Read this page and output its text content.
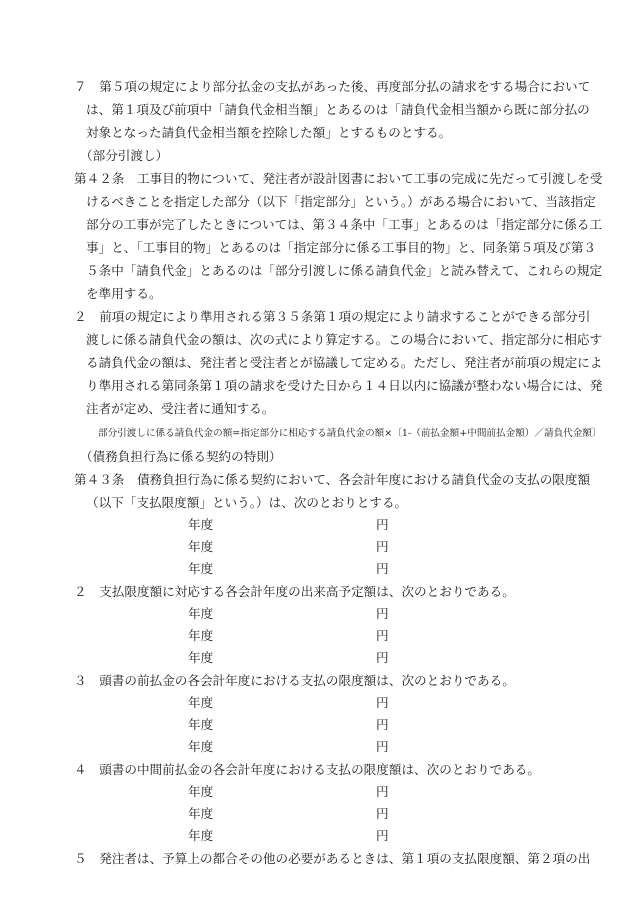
７　第５項の規定により部分払金の支払があった後、再度部分払の請求をする場合において
は、第１項及び前項中「請負代金相当額」とあるのは「請負代金相当額から既に部分払の
対象となった請負代金相当額を控除した額」とするものとする。
（部分引渡し）
第４２条　工事目的物について、発注者が設計図書において工事の完成に先だって引渡しを受
けるべきことを指定した部分（以下「指定部分」という。）がある場合において、当該指定
部分の工事が完了したときについては、第３４条中「工事」とあるのは「指定部分に係る工
事」と、「工事目的物」とあるのは「指定部分に係る工事目的物」と、同条第５項及び第３
５条中「請負代金」とあるのは「部分引渡しに係る請負代金」と読み替えて、これらの規定
を準用する。
２　前項の規定により準用される第３５条第１項の規定により請求することができる部分引
渡しに係る請負代金の額は、次の式により算定する。この場合において、指定部分に相応す
る請負代金の額は、発注者と受注者とが協議して定める。ただし、発注者が前項の規定によ
り準用される第同条第１項の請求を受けた日から１４日以内に協議が整わない場合には、発
注者が定め、受注者に通知する。
部分引渡しに係る請負代金の額=指定部分に相応する請負代金の額×〔1-（前払金額+中間前払金額）／請負代金額〕
（債務負担行為に係る契約の特則）
第４３条　債務負担行為に係る契約において、各会計年度における請負代金の支払の限度額
（以下「支払限度額」という。）は、次のとおりとする。
年度	円
年度	円
年度	円
２　支払限度額に対応する各会計年度の出来高予定額は、次のとおりである。
年度	円
年度	円
年度	円
３　頭書の前払金の各会計年度における支払の限度額は、次のとおりである。
年度	円
年度	円
年度	円
４　頭書の中間前払金の各会計年度における支払の限度額は、次のとおりである。
年度	円
年度	円
年度	円
５　発注者は、予算上の都合その他の必要があるときは、第１項の支払限度額、第２項の出
